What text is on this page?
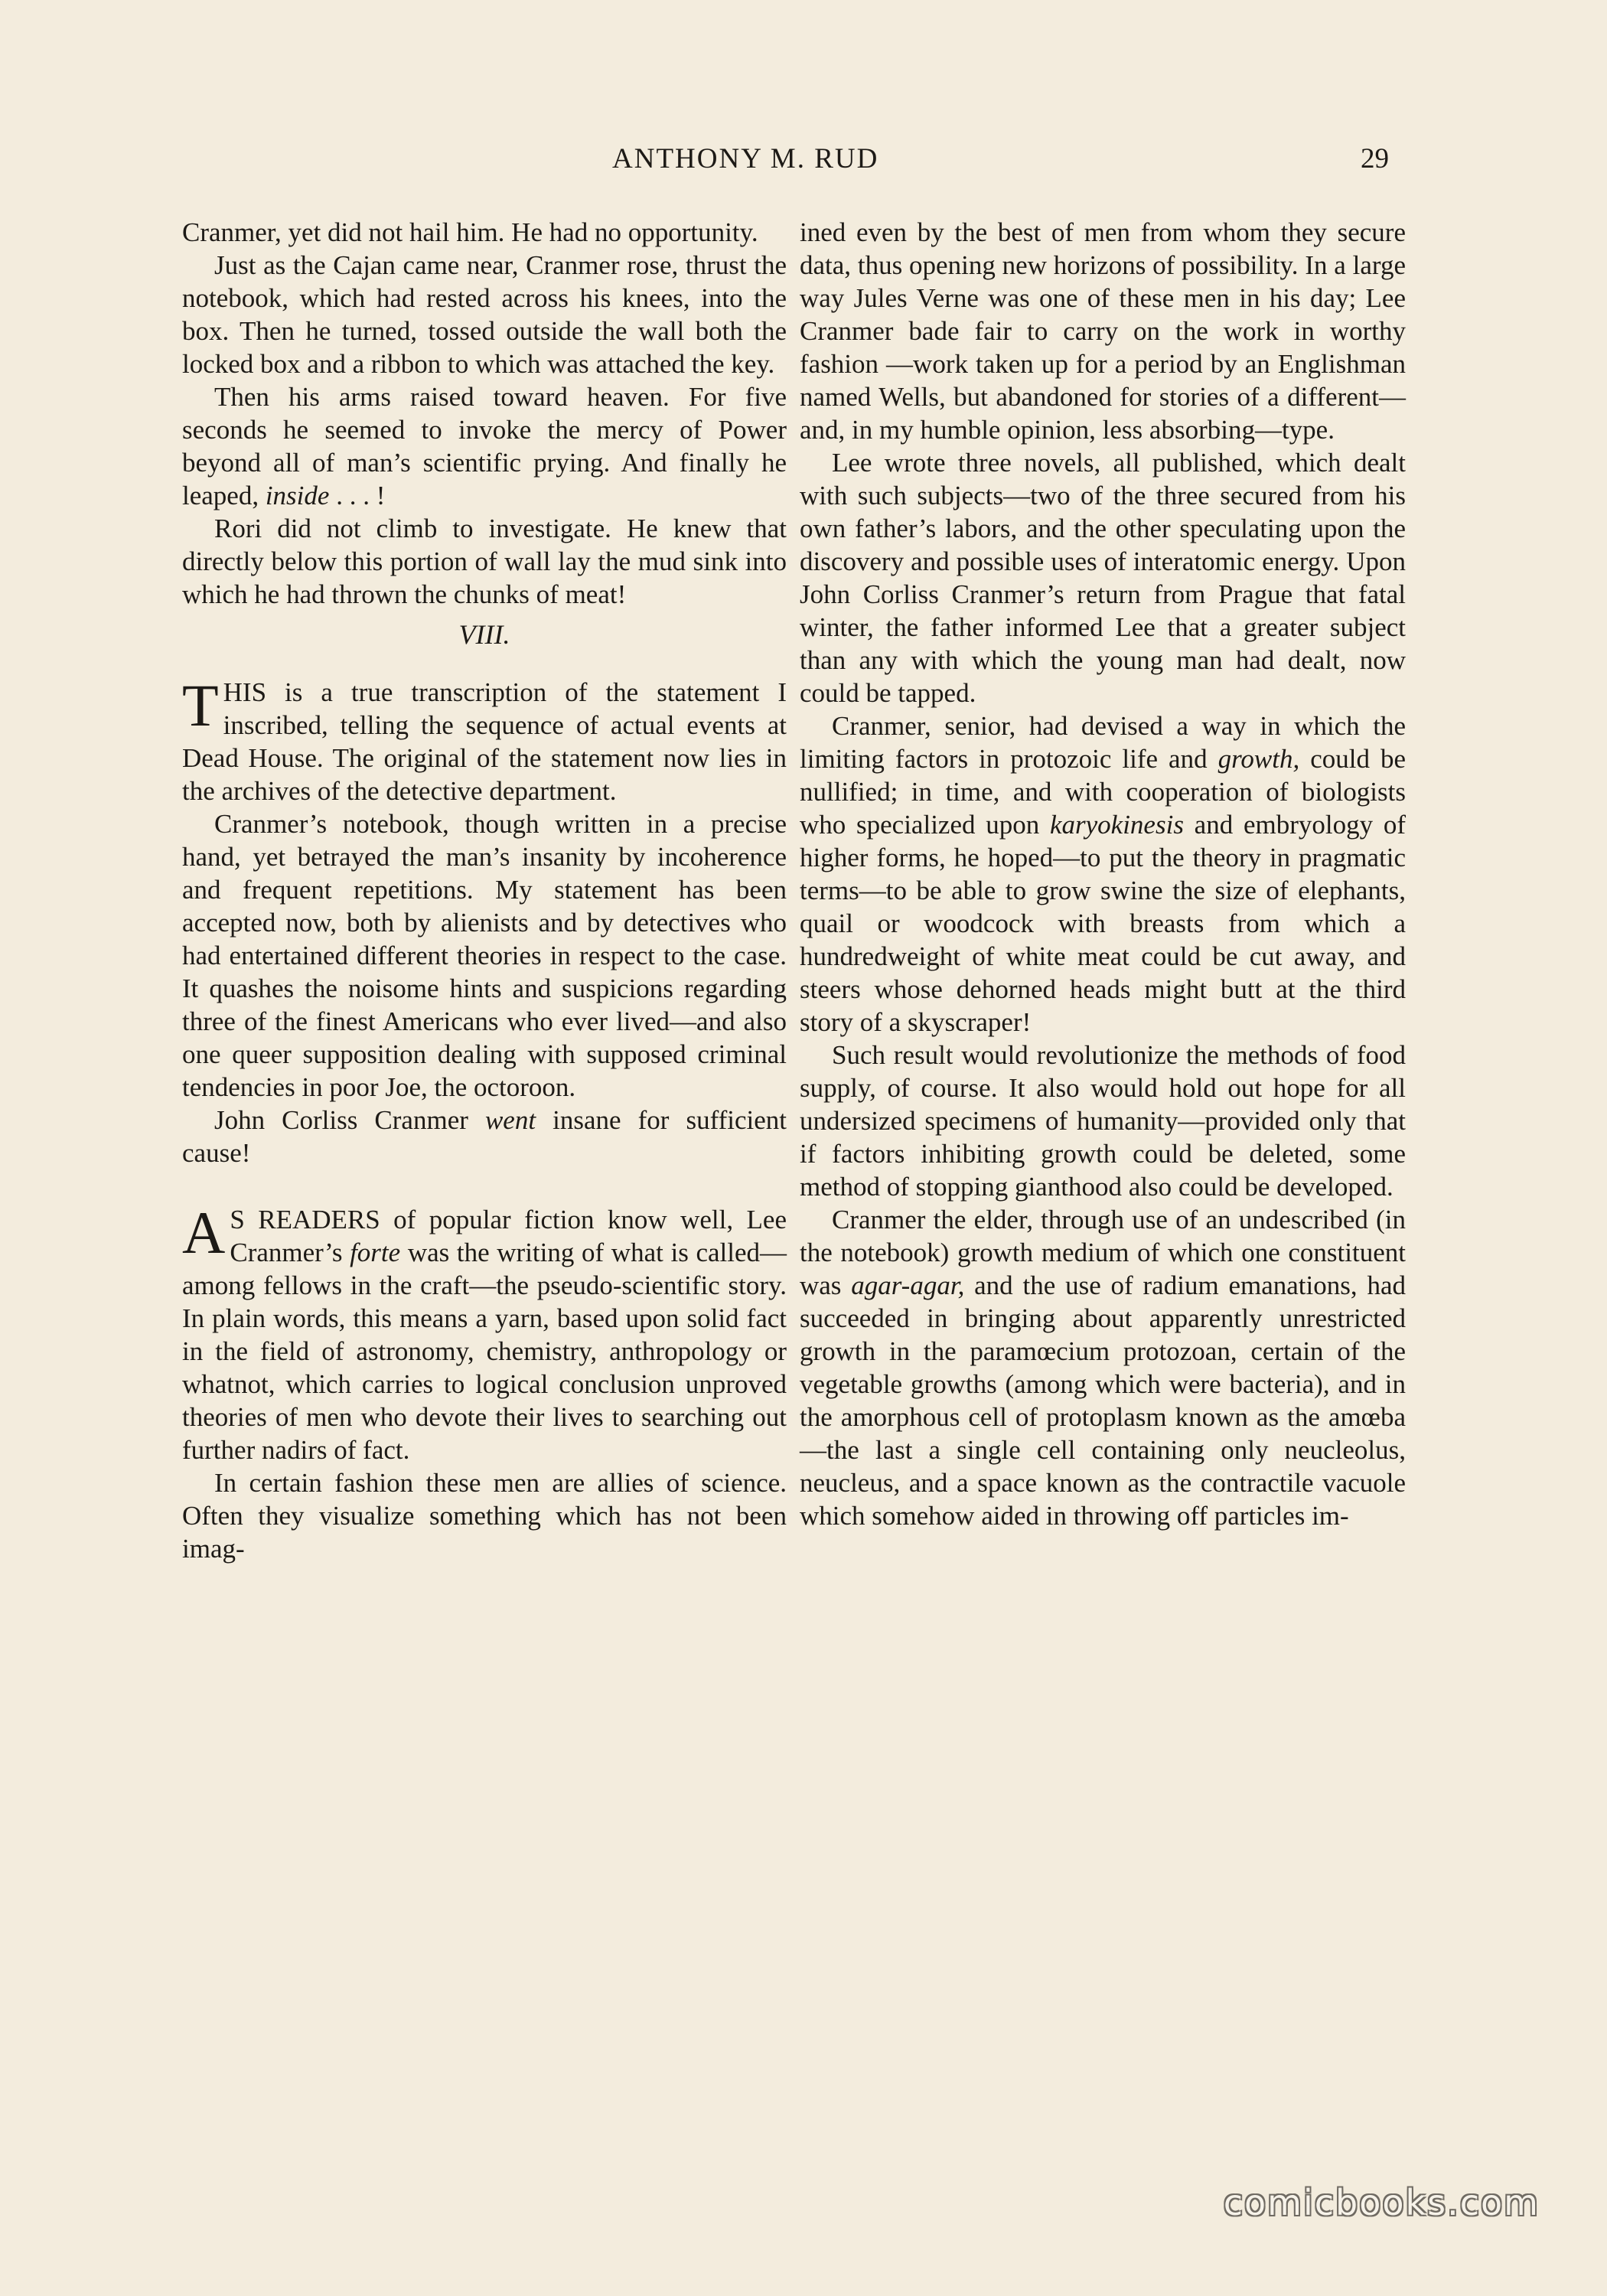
ANTHONY M. RUD	29

Cranmer, yet did not hail him. He had no opportunity.

Just as the Cajan came near, Cranmer rose, thrust the notebook, which had rested across his knees, into the box. Then he turned, tossed outside the wall both the locked box and a ribbon to which was attached the key.

Then his arms raised toward heaven. For five seconds he seemed to invoke the mercy of Power beyond all of man’s scientific prying. And finally he leaped, inside . . . !

Rori did not climb to investigate. He knew that directly below this portion of wall lay the mud sink into which he had thrown the chunks of meat!

VIII.

THIS is a true transcription of the statement I inscribed, telling the sequence of actual events at Dead House. The original of the statement now lies in the archives of the detective department.

Cranmer’s notebook, though written in a precise hand, yet betrayed the man’s insanity by incoherence and frequent repetitions. My statement has been accepted now, both by alienists and by detectives who had entertained different theories in respect to the case. It quashes the noisome hints and suspicions regarding three of the finest Americans who ever lived—and also one queer supposition dealing with supposed criminal tendencies in poor Joe, the octoroon.

John Corliss Cranmer went insane for sufficient cause!

A S READERS of popular fiction know well, Lee Cranmer’s forte was the writing of what is called—among fellows in the craft—the pseudo-scientific story. In plain words, this means a yarn, based upon solid fact in the field of astronomy, chemistry, anthropology or whatnot, which carries to logical conclusion unproved theories of men who devote their lives to searching out further nadirs of fact.

In certain fashion these men are allies of science. Often they visualize something which has not been imag-

ined even by the best of men from whom they secure data, thus opening new horizons of possibility. In a large way Jules Verne was one of these men in his day; Lee Cranmer bade fair to carry on the work in worthy fashion —work taken up for a period by an Englishman named Wells, but abandoned for stories of a different—and, in my humble opinion, less absorbing—type.

Lee wrote three novels, all published, which dealt with such subjects—two of the three secured from his own father’s labors, and the other speculating upon the discovery and possible uses of interatomic energy. Upon John Corliss Cranmer’s return from Prague that fatal winter, the father informed Lee that a greater subject than any with which the young man had dealt, now could be tapped.

Cranmer, senior, had devised a way in which the limiting factors in protozoic life and growth, could be nullified; in time, and with cooperation of biologists who specialized upon karyokinesis and embryology of higher forms, he hoped—to put the theory in pragmatic terms—to be able to grow swine the size of elephants, quail or woodcock with breasts from which a hundredweight of white meat could be cut away, and steers whose dehorned heads might butt at the third story of a skyscraper!

Such result would revolutionize the methods of food supply, of course. It also would hold out hope for all undersized specimens of humanity—provided only that if factors inhibiting growth could be deleted, some method of stopping gianthood also could be developed.

Cranmer the elder, through use of an undescribed (in the notebook) growth medium of which one constituent was agar-agar, and the use of radium emanations, had succeeded in bringing about apparently unrestricted growth in the paramœcium protozoan, certain of the vegetable growths (among which were bacteria), and in the amorphous cell of protoplasm known as the amœba —the last a single cell containing only neucleolus, neucleus, and a space known as the contractile vacuole which somehow aided in throwing off particles im-

comicbooks.com
